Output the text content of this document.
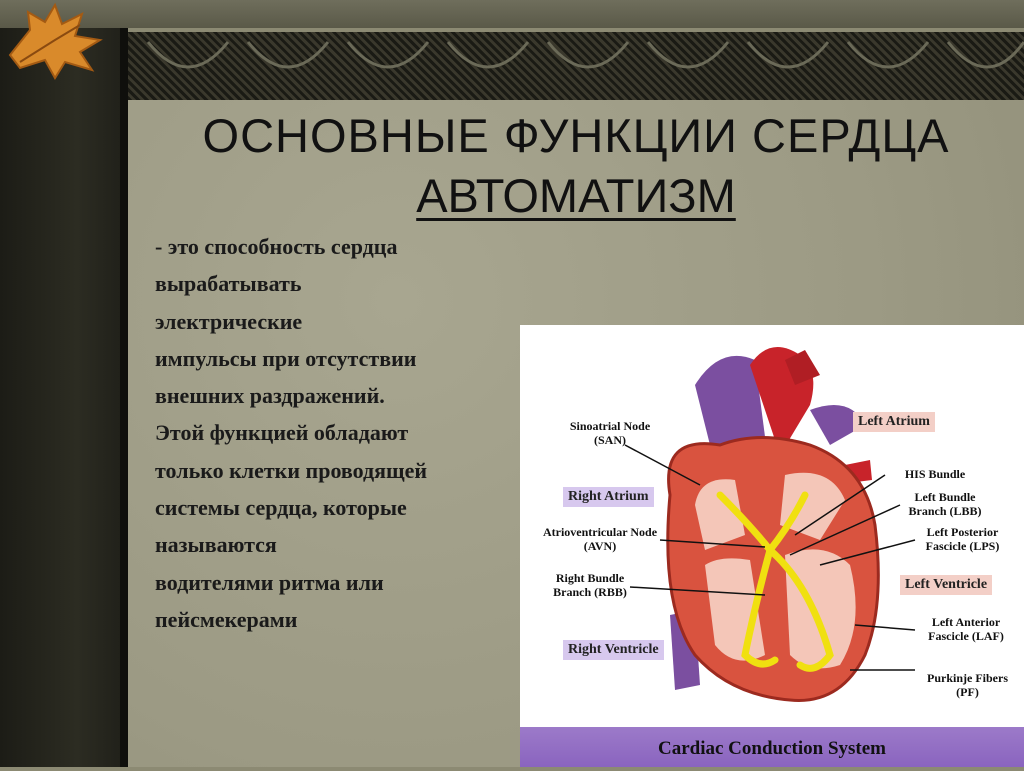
ОСНОВНЫЕ ФУНКЦИИ СЕРДЦА
АВТОМАТИЗМ
- это способность сердца
вырабатывать
электрические
импульсы при отсутствии
внешних раздражений.
Этой функцией обладают
только клетки проводящей
системы сердца, которые
называются
водителями ритма или
пейсмекерами
Sinoatrial Node
(SAN)
Atrioventricular Node
(AVN)
Right Bundle
Branch (RBB)
HIS Bundle
Left Bundle
Branch (LBB)
Left Posterior
Fascicle (LPS)
Left Anterior
Fascicle (LAF)
Purkinje Fibers
(PF)
Left Atrium
Right Atrium
Left Ventricle
Right Ventricle
Cardiac Conduction System
